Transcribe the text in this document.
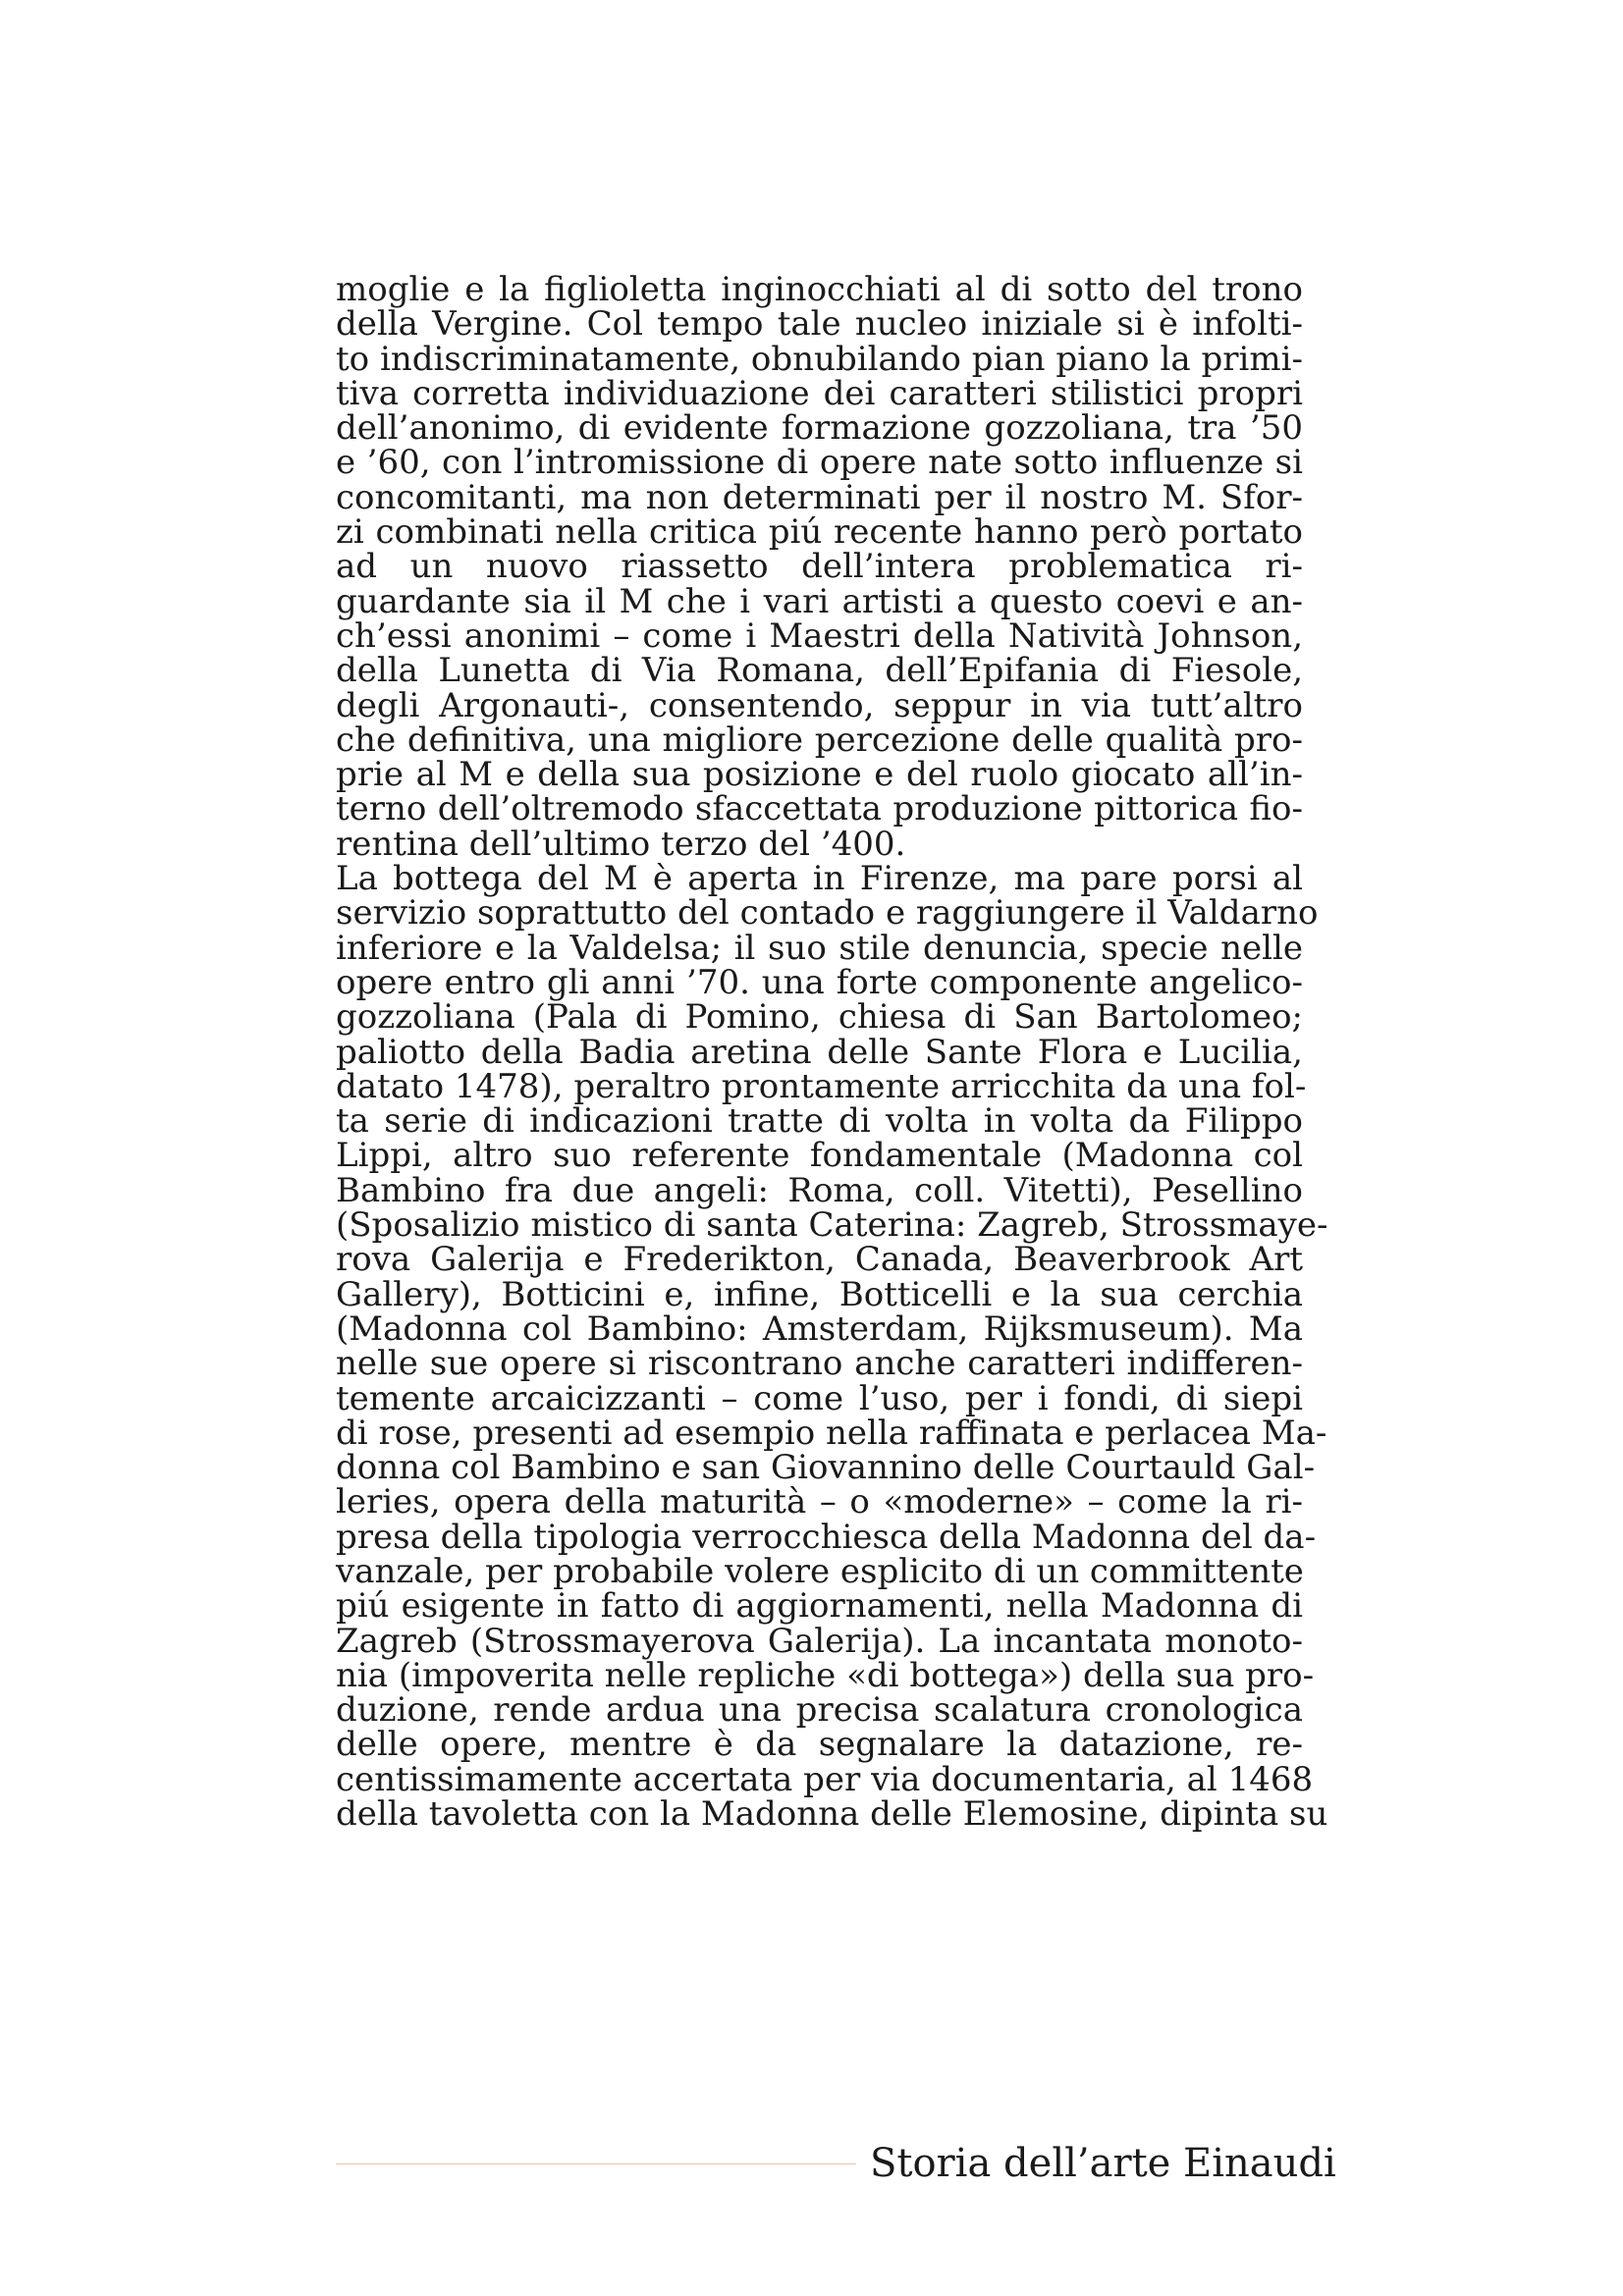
moglie e la figlioletta inginocchiati al di sotto del trono
della Vergine. Col tempo tale nucleo iniziale si è infolti-
to indiscriminatamente, obnubilando pian piano la primi-
tiva corretta individuazione dei caratteri stilistici propri
dell’anonimo, di evidente formazione gozzoliana, tra ’50
e ’60, con l’intromissione di opere nate sotto influenze si
concomitanti, ma non determinati per il nostro M. Sfor-
zi combinati nella critica piú recente hanno però portato
ad un nuovo riassetto dell’intera problematica ri-
guardante sia il M che i vari artisti a questo coevi e an-
ch’essi anonimi – come i Maestri della Natività Johnson,
della Lunetta di Via Romana, dell’Epifania di Fiesole,
degli Argonauti-, consentendo, seppur in via tutt’altro
che definitiva, una migliore percezione delle qualità pro-
prie al M e della sua posizione e del ruolo giocato all’in-
terno dell’oltremodo sfaccettata produzione pittorica fio-
rentina dell’ultimo terzo del ’400.
La bottega del M è aperta in Firenze, ma pare porsi al
servizio soprattutto del contado e raggiungere il Valdarno
inferiore e la Valdelsa; il suo stile denuncia, specie nelle
opere entro gli anni ’70. una forte componente angelico-
gozzoliana (Pala di Pomino, chiesa di San Bartolomeo;
paliotto della Badia aretina delle Sante Flora e Lucilia,
datato 1478), peraltro prontamente arricchita da una fol-
ta serie di indicazioni tratte di volta in volta da Filippo
Lippi, altro suo referente fondamentale (Madonna col
Bambino fra due angeli: Roma, coll. Vitetti), Pesellino
(Sposalizio mistico di santa Caterina: Zagreb, Strossmaye-
rova Galerija e Frederikton, Canada, Beaverbrook Art
Gallery), Botticini e, infine, Botticelli e la sua cerchia
(Madonna col Bambino: Amsterdam, Rijksmuseum). Ma
nelle sue opere si riscontrano anche caratteri indifferen-
temente arcaicizzanti – come l’uso, per i fondi, di siepi
di rose, presenti ad esempio nella raffinata e perlacea Ma-
donna col Bambino e san Giovannino delle Courtauld Gal-
leries, opera della maturità – o «moderne» – come la ri-
presa della tipologia verrocchiesca della Madonna del da-
vanzale, per probabile volere esplicito di un committente
piú esigente in fatto di aggiornamenti, nella Madonna di
Zagreb (Strossmayerova Galerija). La incantata monoto-
nia (impoverita nelle repliche «di bottega») della sua pro-
duzione, rende ardua una precisa scalatura cronologica
delle opere, mentre è da segnalare la datazione, re-
centissimamente accertata per via documentaria, al 1468
della tavoletta con la Madonna delle Elemosine, dipinta su
Storia dell’arte Einaudi
